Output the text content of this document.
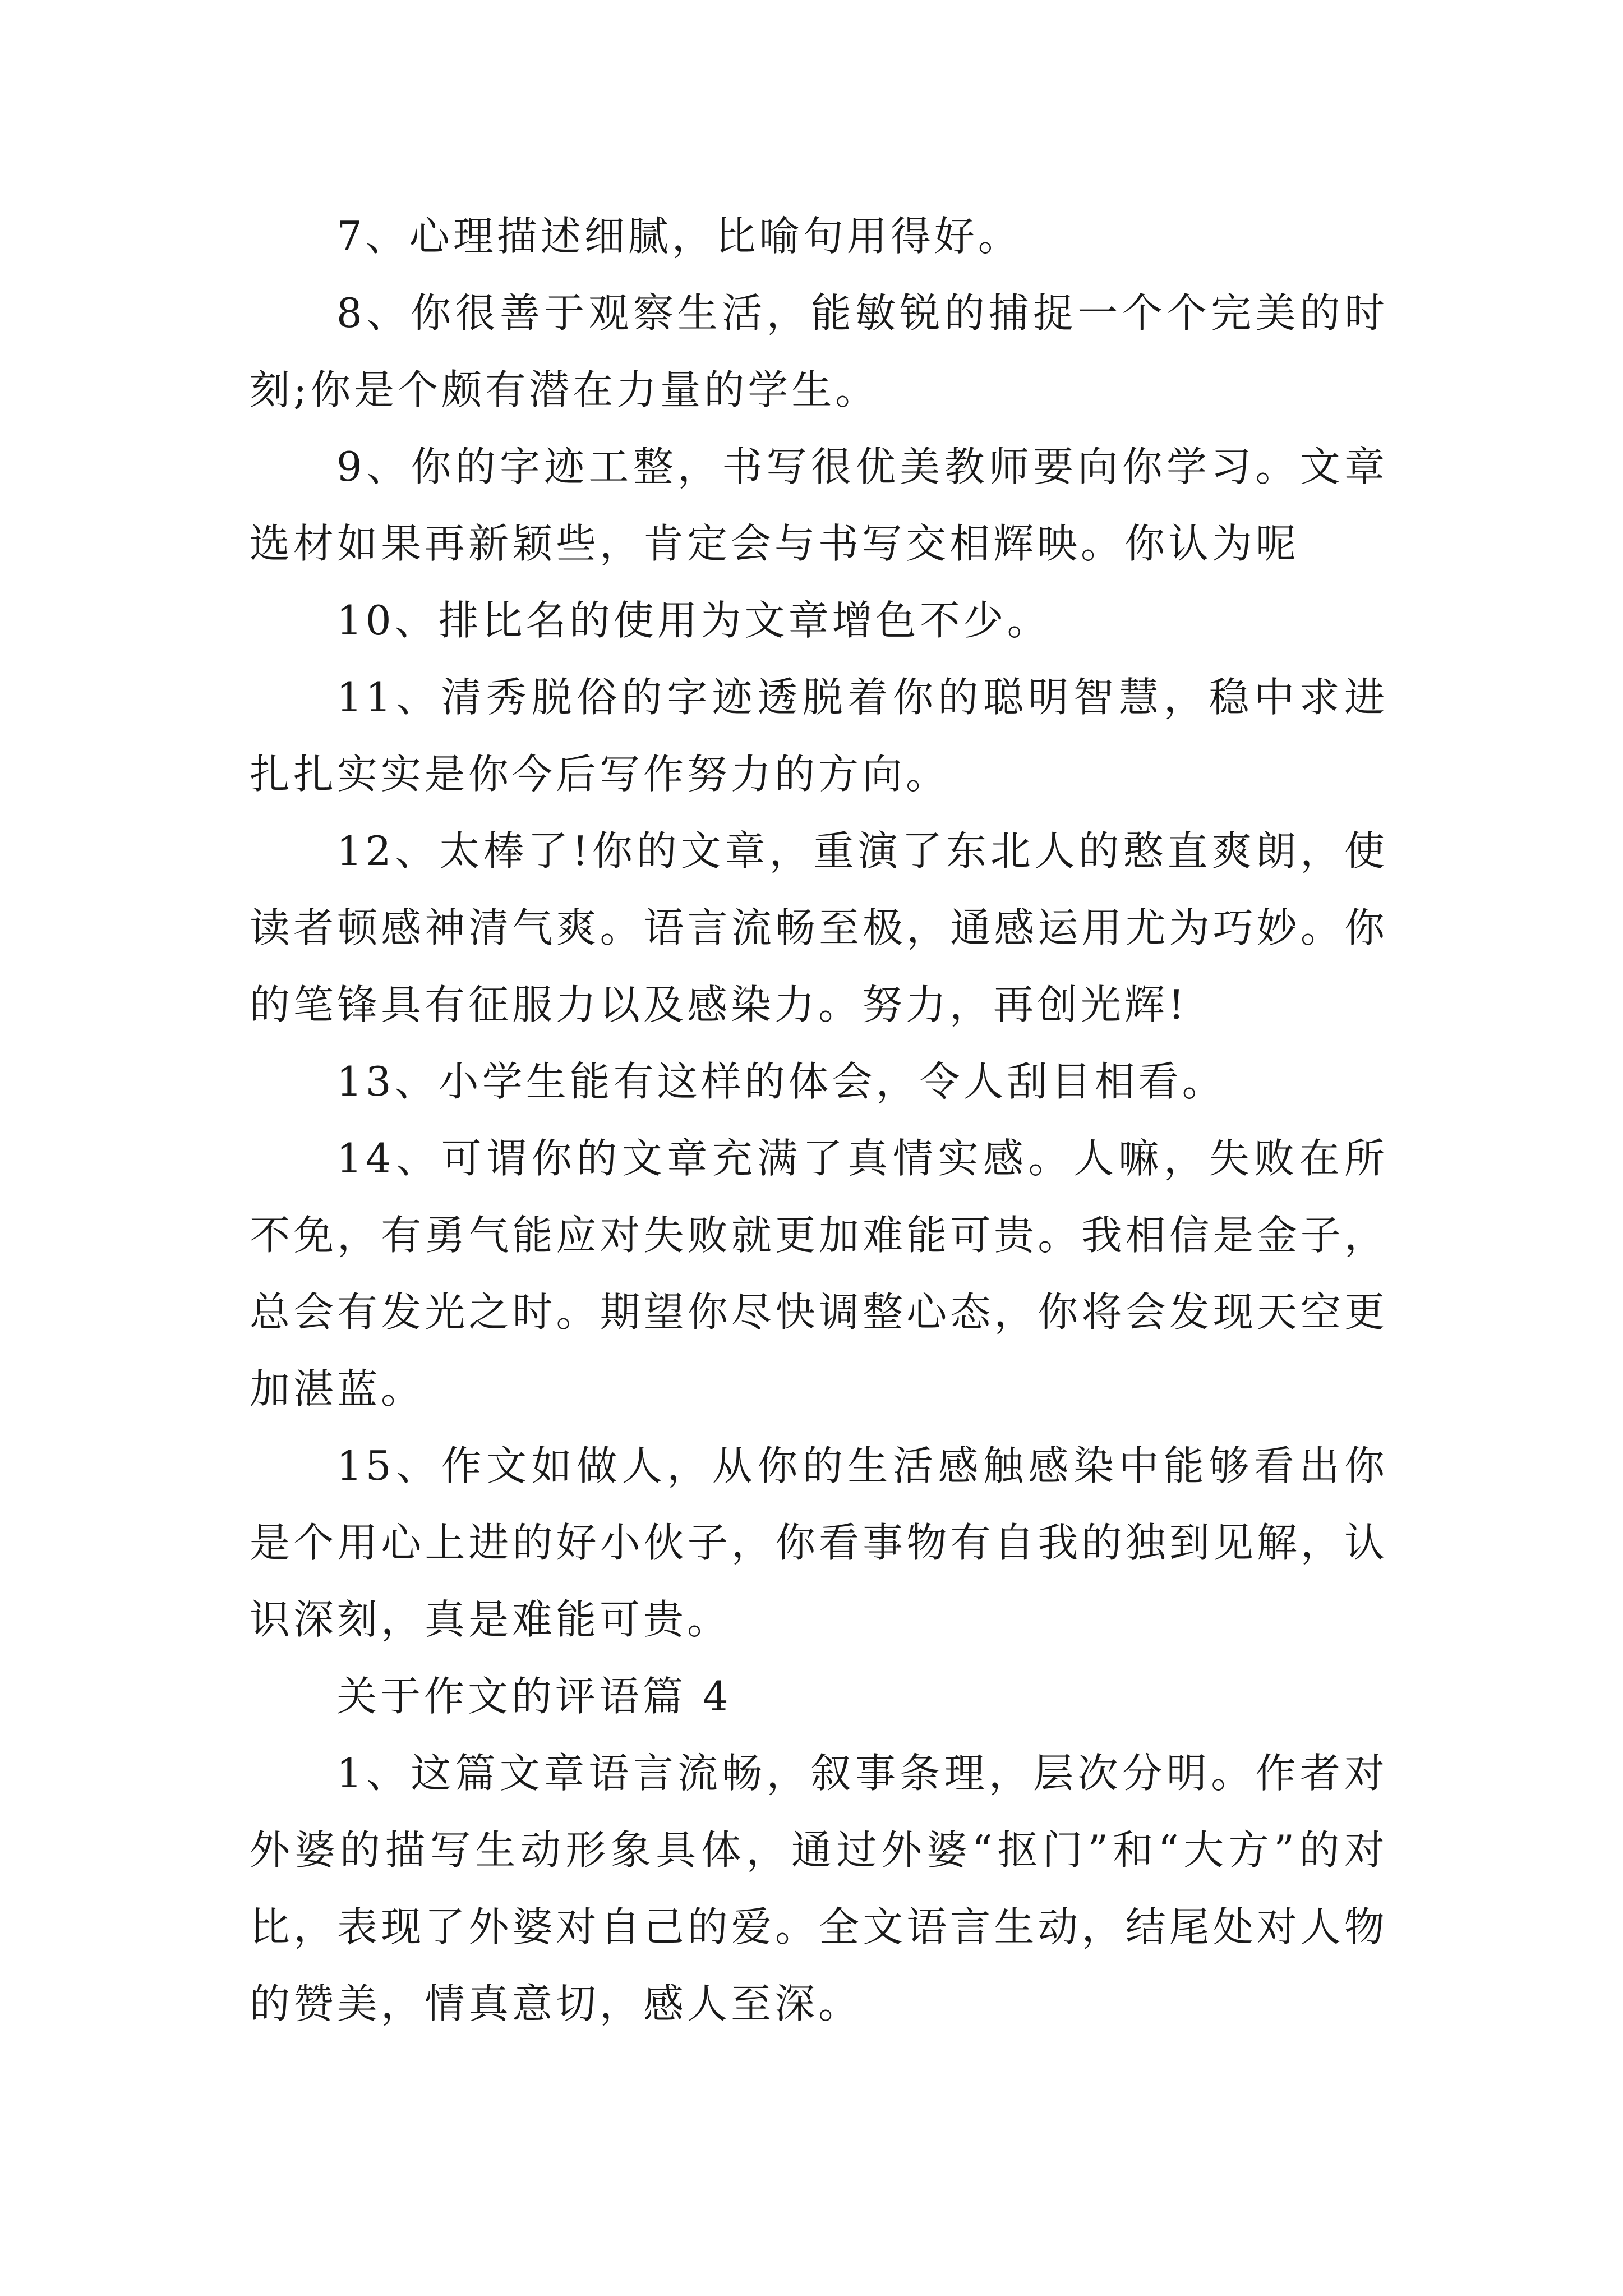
7、心理描述细腻，比喻句用得好。

8、你很善于观察生活，能敏锐的捕捉一个个完美的时刻;你是个颇有潜在力量的学生。

9、你的字迹工整，书写很优美教师要向你学习。文章选材如果再新颖些，肯定会与书写交相辉映。你认为呢

10、排比名的使用为文章增色不少。

11、清秀脱俗的字迹透脱着你的聪明智慧，稳中求进扎扎实实是你今后写作努力的方向。

12、太棒了!你的文章，重演了东北人的憨直爽朗，使读者顿感神清气爽。语言流畅至极，通感运用尤为巧妙。你的笔锋具有征服力以及感染力。努力，再创光辉!

13、小学生能有这样的体会，令人刮目相看。

14、可谓你的文章充满了真情实感。人嘛，失败在所不免，有勇气能应对失败就更加难能可贵。我相信是金子，总会有发光之时。期望你尽快调整心态，你将会发现天空更加湛蓝。

15、作文如做人，从你的生活感触感染中能够看出你是个用心上进的好小伙子，你看事物有自我的独到见解，认识深刻，真是难能可贵。

关于作文的评语篇 4

1、这篇文章语言流畅，叙事条理，层次分明。作者对外婆的描写生动形象具体，通过外婆“抠门”和“大方”的对比，表现了外婆对自己的爱。全文语言生动，结尾处对人物的赞美，情真意切，感人至深。
